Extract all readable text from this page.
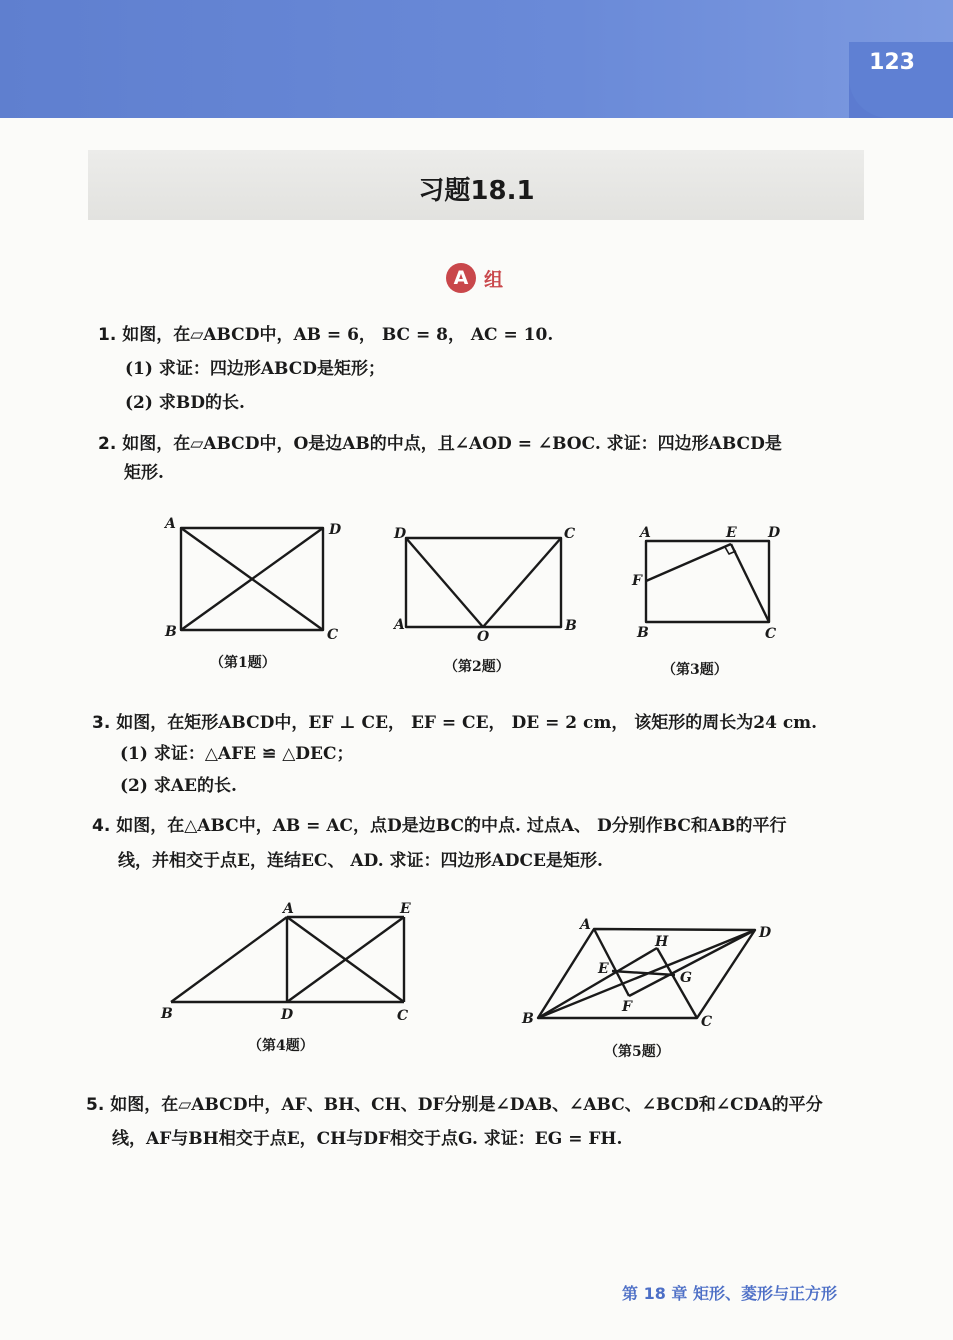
123
习题18.1
A 组
1. 如图，在▱ABCD中，AB = 6， BC = 8， AC = 10.
(1) 求证：四边形ABCD是矩形；
(2) 求BD的长.
2. 如图，在▱ABCD中，O是边AB的中点，且∠AOD = ∠BOC. 求证：四边形ABCD是
矩形.
A	D
B	C
D	C
A	B
O
A	E D
F
B	C
A	E
B	D	C
A	D
H
E
G
F
B	C
（第1题）	（第2题）	（第3题）
3. 如图，在矩形ABCD中，EF ⊥ CE， EF = CE， DE = 2 cm， 该矩形的周长为24 cm.
(1) 求证：△AFE ≌ △DEC；
(2) 求AE的长.
4. 如图，在△ABC中，AB = AC，点D是边BC的中点. 过点A、 D分别作BC和AB的平行
线，并相交于点E，连结EC、 AD. 求证：四边形ADCE是矩形.
（第4题）	（第5题）
5. 如图，在▱ABCD中，AF、BH、CH、DF分别是∠DAB、∠ABC、∠BCD和∠CDA的平分
线，AF与BH相交于点E，CH与DF相交于点G. 求证：EG = FH.
第 18 章 矩形、菱形与正方形
